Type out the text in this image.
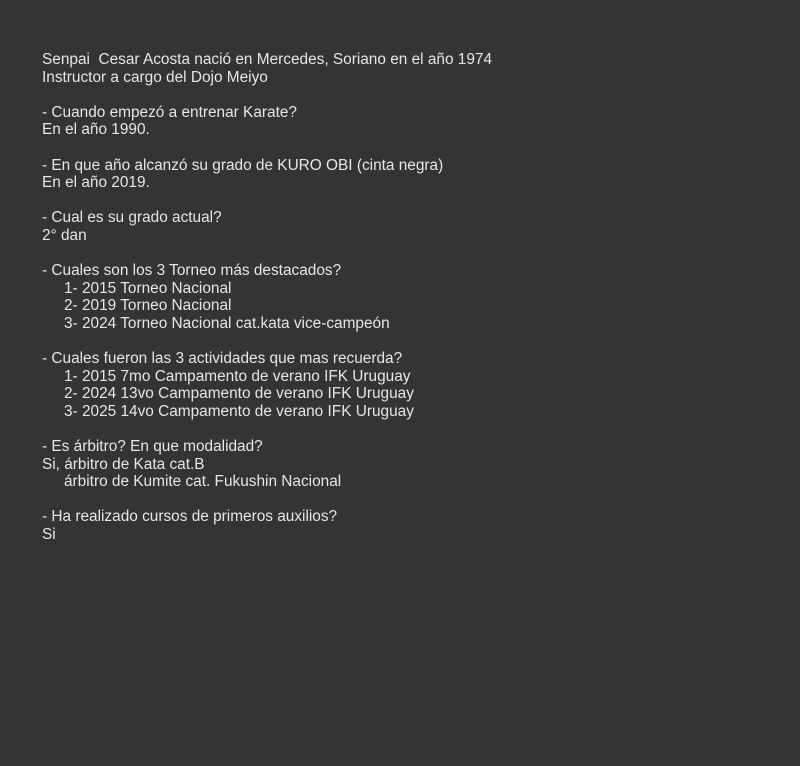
Senpai  Cesar Acosta nació en Mercedes, Soriano en el año 1974
Instructor a cargo del Dojo Meiyo
- Cuando empezó a entrenar Karate?
En el año 1990.
- En que año alcanzó su grado de KURO OBI (cinta negra)
En el año 2019.
- Cual es su grado actual?
2° dan
- Cuales son los 3 Torneo más destacados?
1- 2015 Torneo Nacional
2- 2019 Torneo Nacional
3- 2024 Torneo Nacional cat.kata vice-campeón
- Cuales fueron las 3 actividades que mas recuerda?
1- 2015 7mo Campamento de verano IFK Uruguay
2- 2024 13vo Campamento de verano IFK Uruguay
3- 2025 14vo Campamento de verano IFK Uruguay
- Es árbitro? En que modalidad?
Si, árbitro de Kata cat.B
árbitro de Kumite cat. Fukushin Nacional
- Ha realizado cursos de primeros auxilios?
Si
